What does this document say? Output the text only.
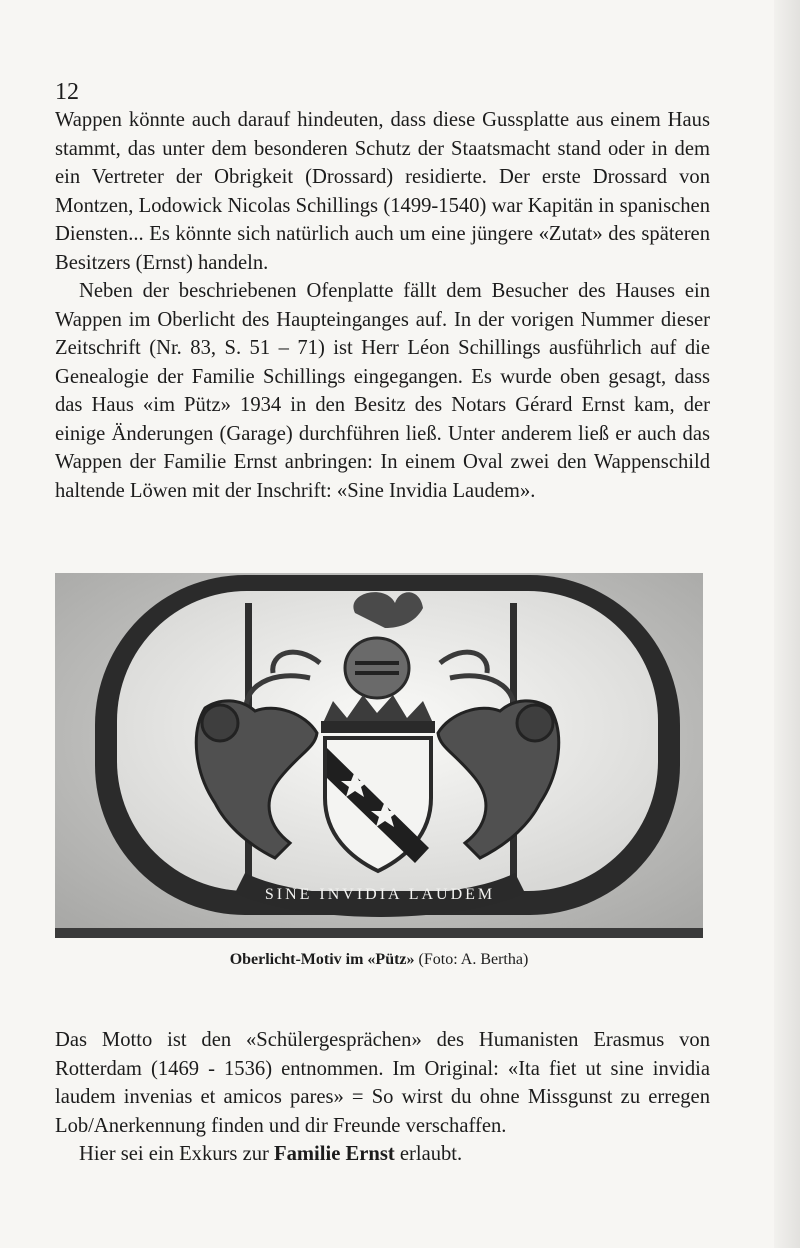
12

Wappen könnte auch darauf hindeuten, dass diese Gussplatte aus einem Haus stammt, das unter dem besonderen Schutz der Staatsmacht stand oder in dem ein Vertreter der Obrigkeit (Drossard) residierte. Der erste Drossard von Montzen, Lodowick Nicolas Schillings (1499-1540) war Kapitän in spanischen Diensten... Es könnte sich natürlich auch um eine jüngere «Zutat» des späteren Besitzers (Ernst) handeln.

Neben der beschriebenen Ofenplatte fällt dem Besucher des Hauses ein Wappen im Oberlicht des Haupteinganges auf. In der vorigen Nummer dieser Zeitschrift (Nr. 83, S. 51 – 71) ist Herr Léon Schillings ausführlich auf die Genealogie der Familie Schillings eingegangen. Es wurde oben gesagt, dass das Haus «im Pütz» 1934 in den Besitz des Notars Gérard Ernst kam, der einige Änderungen (Garage) durchführen ließ. Unter anderem ließ er auch das Wappen der Familie Ernst anbringen: In einem Oval zwei den Wappenschild haltende Löwen mit der Inschrift: «Sine Invidia Laudem».

SINE INVIDIA LAUDEM
Oberlicht-Motiv im «Pütz» (Foto: A. Bertha)

Das Motto ist den «Schülergesprächen» des Humanisten Erasmus von Rotterdam (1469 - 1536) entnommen. Im Original: «Ita fiet ut sine invidia laudem invenias et amicos pares» = So wirst du ohne Missgunst zu erregen Lob/Anerkennung finden und dir Freunde verschaffen.

Hier sei ein Exkurs zur Familie Ernst erlaubt.
